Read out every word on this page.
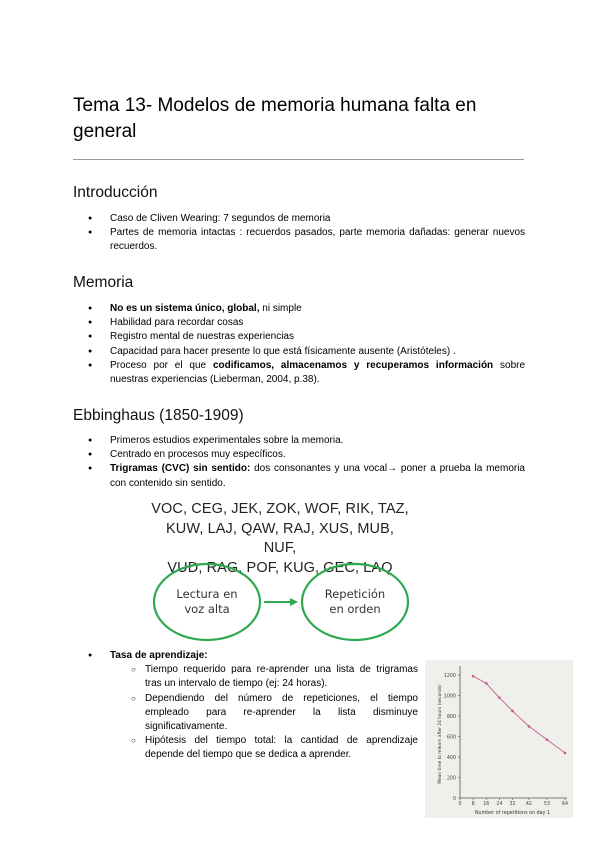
Tema 13- Modelos de memoria humana falta en general
Introducción
● Caso de Cliven Wearing: 7 segundos de memoria
● Partes de memoria intactas : recuerdos pasados, parte memoria dañadas: generar nuevos recuerdos.
Memoria
● No es un sistema único, global, ni simple
● Habilidad para recordar cosas
● Registro mental de nuestras experiencias
● Capacidad para hacer presente lo que está físicamente ausente (Aristóteles) .
● Proceso por el que codificamos, almacenamos y recuperamos información sobre nuestras experiencias (Lieberman, 2004, p.38).
Ebbinghaus (1850-1909)
● Primeros estudios experimentales sobre la memoria.
● Centrado en procesos muy específicos.
● Trigramas (CVC) sin sentido: dos consonantes y una vocal→ poner a prueba la memoria con contenido sin sentido.
VOC, CEG, JEK, ZOK, WOF, RIK, TAZ,
KUW, LAJ, QAW, RAJ, XUS, MUB, NUF,
VUD, RAG, POF, KUG, GEC, LAQ
Lectura en
voz alta
Repetición
en orden
● Tasa de aprendizaje:
○ Tiempo requerido para re-aprender una lista de trigramas tras un intervalo de tiempo (ej: 24 horas).
○ Dependiendo del número de repeticiones, el tiempo empleado para re-aprender la lista disminuye significativamente.
○ Hipótesis del tiempo total: la cantidad de aprendizaje depende del tiempo que se dedica a aprender.
0
200
400
600
800
1000
1200
0 8 16 24 32 42 53 64
Number of repetitions on day 1
Mean time to relearn after 24 hours (seconds)
